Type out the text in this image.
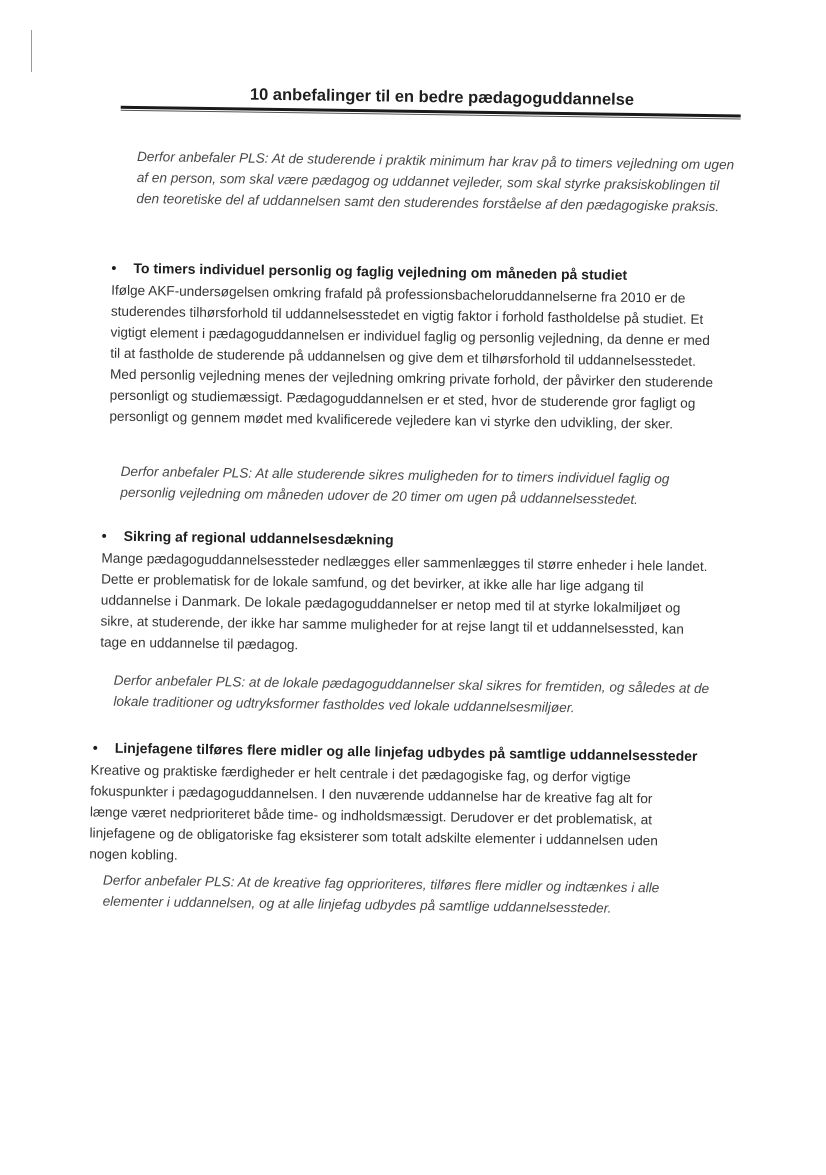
10 anbefalinger til en bedre pædagoguddannelse
Derfor anbefaler PLS: At de studerende i praktik minimum har krav på to timers vejledning om ugen af en person, som skal være pædagog og uddannet vejleder, som skal styrke praksiskoblingen til den teoretiske del af uddannelsen samt den studerendes forståelse af den pædagogiske praksis.
• To timers individuel personlig og faglig vejledning om måneden på studiet
Ifølge AKF-undersøgelsen omkring frafald på professionsbacheloruddannelserne fra 2010 er de studerendes tilhørsforhold til uddannelsesstedet en vigtig faktor i forhold fastholdelse på studiet. Et vigtigt element i pædagoguddannelsen er individuel faglig og personlig vejledning, da denne er med til at fastholde de studerende på uddannelsen og give dem et tilhørsforhold til uddannelsesstedet. Med personlig vejledning menes der vejledning omkring private forhold, der påvirker den studerende personligt og studiemæssigt. Pædagoguddannelsen er et sted, hvor de studerende gror fagligt og personligt og gennem mødet med kvalificerede vejledere kan vi styrke den udvikling, der sker.
Derfor anbefaler PLS: At alle studerende sikres muligheden for to timers individuel faglig og personlig vejledning om måneden udover de 20 timer om ugen på uddannelsesstedet.
• Sikring af regional uddannelsesdækning
Mange pædagoguddannelsessteder nedlægges eller sammenlægges til større enheder i hele landet. Dette er problematisk for de lokale samfund, og det bevirker, at ikke alle har lige adgang til uddannelse i Danmark. De lokale pædagoguddannelser er netop med til at styrke lokalmiljøet og sikre, at studerende, der ikke har samme muligheder for at rejse langt til et uddannelsessted, kan tage en uddannelse til pædagog.
Derfor anbefaler PLS: at de lokale pædagoguddannelser skal sikres for fremtiden, og således at de lokale traditioner og udtryksformer fastholdes ved lokale uddannelsesmiljøer.
• Linjefagene tilføres flere midler og alle linjefag udbydes på samtlige uddannelsessteder
Kreative og praktiske færdigheder er helt centrale i det pædagogiske fag, og derfor vigtige fokuspunkter i pædagoguddannelsen. I den nuværende uddannelse har de kreative fag alt for længe været nedprioriteret både time- og indholdsmæssigt. Derudover er det problematisk, at linjefagene og de obligatoriske fag eksisterer som totalt adskilte elementer i uddannelsen uden nogen kobling.
Derfor anbefaler PLS: At de kreative fag opprioriteres, tilføres flere midler og indtænkes i alle elementer i uddannelsen, og at alle linjefag udbydes på samtlige uddannelsessteder.
